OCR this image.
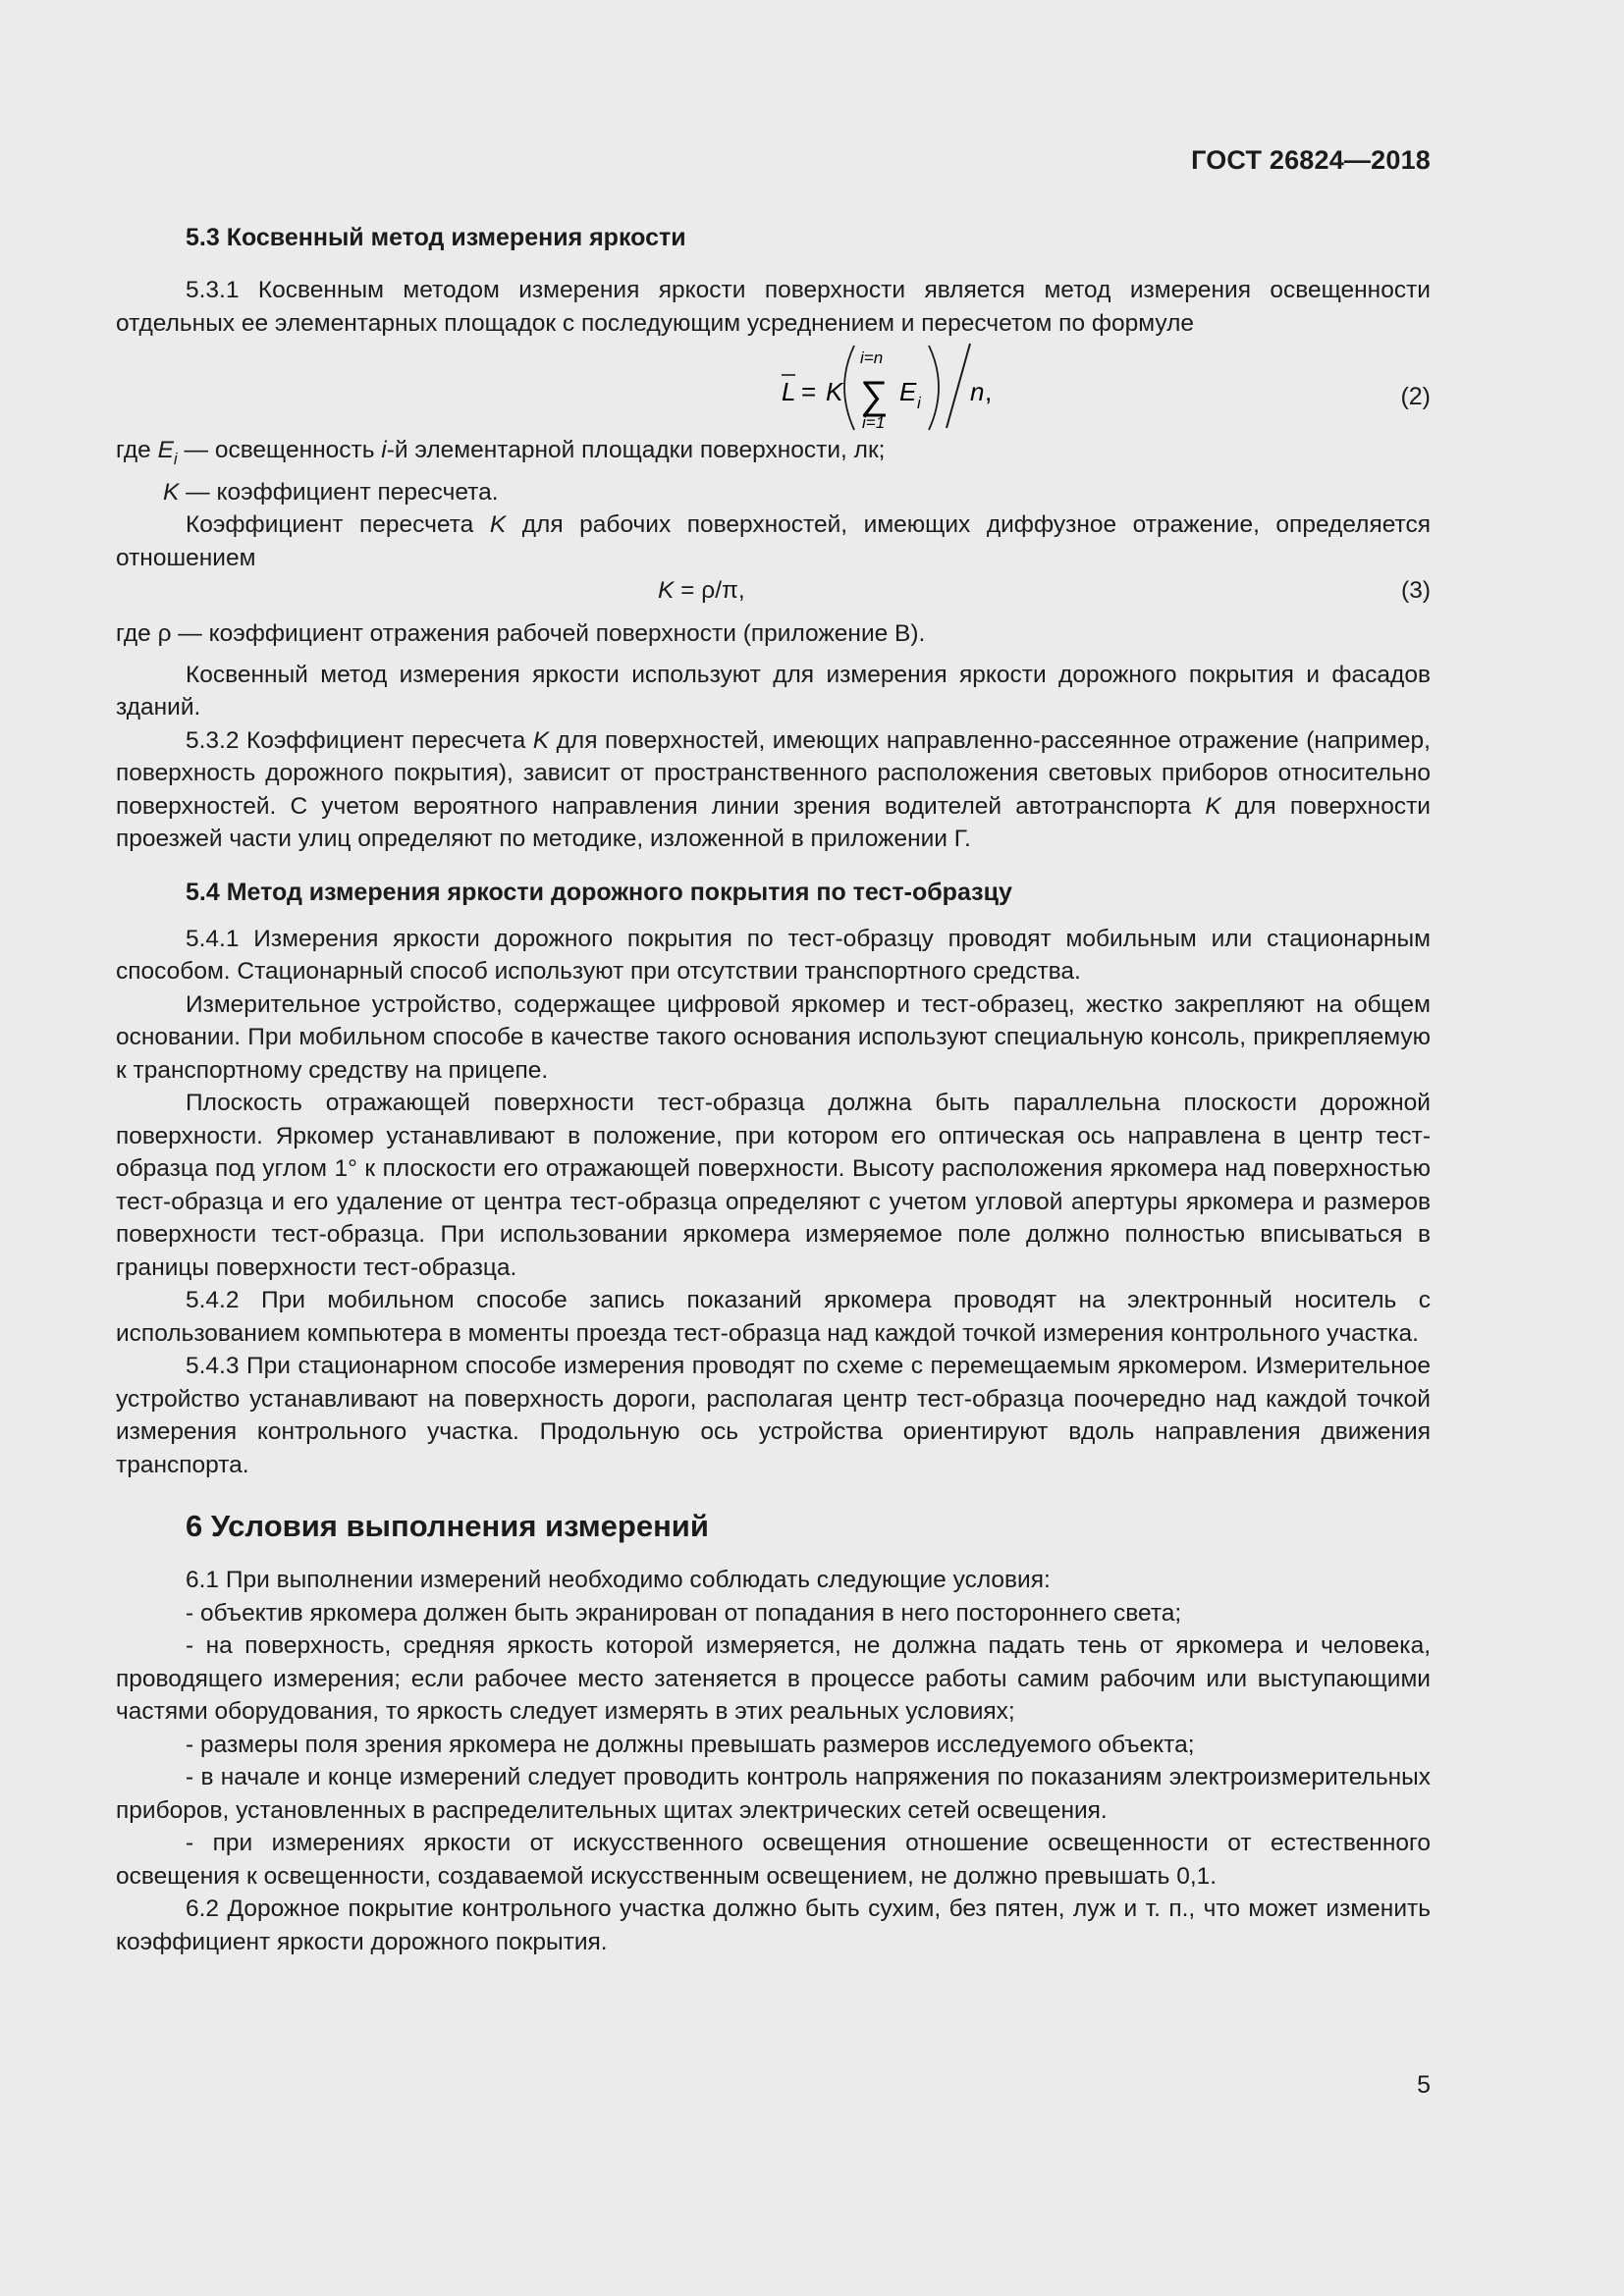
ГОСТ 26824—2018
5.3 Косвенный метод измерения яркости

5.3.1 Косвенным методом измерения яркости поверхности является метод измерения освещенности отдельных ее элементарных площадок с последующим усреднением и пересчетом по формуле

L = K
i=n
∑
i=1
E i n ,	(2)

где $E_i$ — освещенность i-й элементарной площадки поверхности, лк;

K — коэффициент пересчета.

Коэффициент пересчета K для рабочих поверхностей, имеющих диффузное отражение, определяется отношением

K = ρ/π,	(3)

где ρ — коэффициент отражения рабочей поверхности (приложение В).

Косвенный метод измерения яркости используют для измерения яркости дорожного покрытия и фасадов зданий.

5.3.2 Коэффициент пересчета K для поверхностей, имеющих направленно-рассеянное отражение (например, поверхность дорожного покрытия), зависит от пространственного расположения световых приборов относительно поверхностей. С учетом вероятного направления линии зрения водителей автотранспорта K для поверхности проезжей части улиц определяют по методике, изложенной в приложении Г.

5.4 Метод измерения яркости дорожного покрытия по тест-образцу

5.4.1 Измерения яркости дорожного покрытия по тест-образцу проводят мобильным или стационарным способом. Стационарный способ используют при отсутствии транспортного средства.

Измерительное устройство, содержащее цифровой яркомер и тест-образец, жестко закрепляют на общем основании. При мобильном способе в качестве такого основания используют специальную консоль, прикрепляемую к транспортному средству на прицепе.

Плоскость отражающей поверхности тест-образца должна быть параллельна плоскости дорожной поверхности. Яркомер устанавливают в положение, при котором его оптическая ось направлена в центр тест-образца под углом 1° к плоскости его отражающей поверхности. Высоту расположения яркомера над поверхностью тест-образца и его удаление от центра тест-образца определяют с учетом угловой апертуры яркомера и размеров поверхности тест-образца. При использовании яркомера измеряемое поле должно полностью вписываться в границы поверхности тест-образца.

5.4.2 При мобильном способе запись показаний яркомера проводят на электронный носитель с использованием компьютера в моменты проезда тест-образца над каждой точкой измерения контрольного участка.

5.4.3 При стационарном способе измерения проводят по схеме с перемещаемым яркомером. Измерительное устройство устанавливают на поверхность дороги, располагая центр тест-образца поочередно над каждой точкой измерения контрольного участка. Продольную ось устройства ориентируют вдоль направления движения транспорта.

6 Условия выполнения измерений

6.1 При выполнении измерений необходимо соблюдать следующие условия:

- объектив яркомера должен быть экранирован от попадания в него постороннего света;

- на поверхность, средняя яркость которой измеряется, не должна падать тень от яркомера и человека, проводящего измерения; если рабочее место затеняется в процессе работы самим рабочим или выступающими частями оборудования, то яркость следует измерять в этих реальных условиях;

- размеры поля зрения яркомера не должны превышать размеров исследуемого объекта;

- в начале и конце измерений следует проводить контроль напряжения по показаниям электроизмерительных приборов, установленных в распределительных щитах электрических сетей освещения.

- при измерениях яркости от искусственного освещения отношение освещенности от естественного освещения к освещенности, создаваемой искусственным освещением, не должно превышать 0,1.

6.2 Дорожное покрытие контрольного участка должно быть сухим, без пятен, луж и т. п., что может изменить коэффициент яркости дорожного покрытия.

5
